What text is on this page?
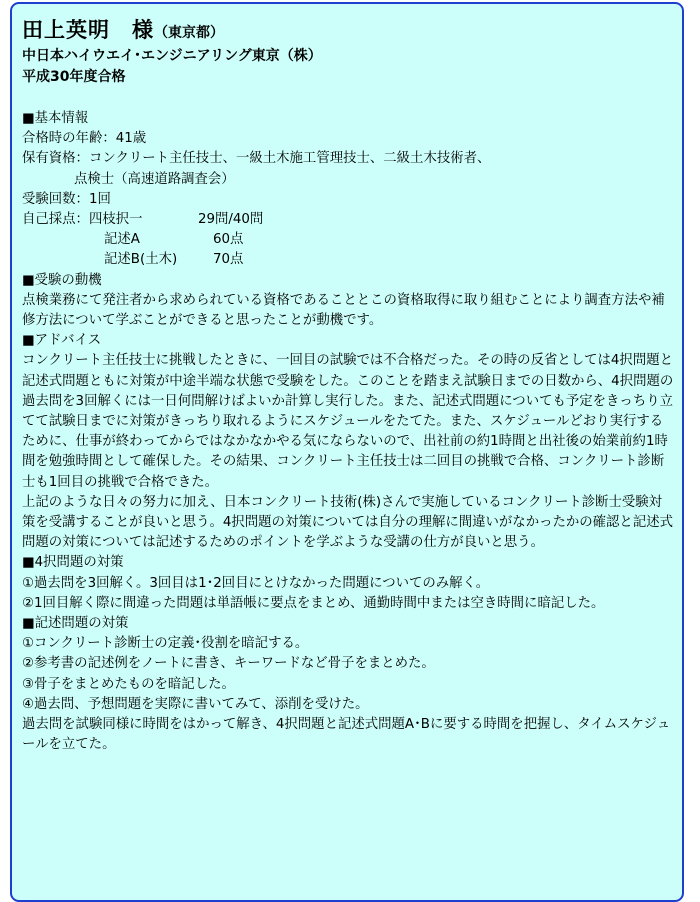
田上英明　様（東京都）

中日本ハイウエイ･エンジニアリング東京（株）

平成30年度合格

■基本情報
合格時の年齢：41歳
保有資格： コンクリート主任技士、一級土木施工管理技士、二級土木技術者、
点検士（高速道路調査会）
受験回数：1回
自己採点： 四枝択一	29問/40問
記述A	60点
記述B(土木)	70点
■受験の動機

点検業務にて発注者から求められている資格であることとこの資格取得に取り組むことにより調査方法や補修方法について学ぶことができると思ったことが動機です。

■アドバイス

コンクリート主任技士に挑戦したときに、一回目の試験では不合格だった。その時の反省としては4択問題と記述式問題ともに対策が中途半端な状態で受験をした。このことを踏まえ試験日までの日数から、4択問題の過去問を3回解くには一日何問解けばよいか計算し実行した。また、記述式問題についても予定をきっちり立てて試験日までに対策がきっちり取れるようにスケジュールをたてた。また、スケジュールどおり実行するために、仕事が終わってからではなかなかやる気にならないので、出社前の約1時間と出社後の始業前約1時間を勉強時間として確保した。その結果、コンクリート主任技士は二回目の挑戦で合格、コンクリート診断士も1回目の挑戦で合格できた。

上記のような日々の努力に加え、日本コンクリート技術(株)さんで実施しているコンクリート診断士受験対策を受講することが良いと思う。4択問題の対策については自分の理解に間違いがなかったかの確認と記述式問題の対策については記述するためのポイントを学ぶような受講の仕方が良いと思う。

■4択問題の対策

①過去問を3回解く。3回目は1･2回目にとけなかった問題についてのみ解く。

②1回目解く際に間違った問題は単語帳に要点をまとめ、通勤時間中または空き時間に暗記した。

■記述問題の対策

①コンクリート診断士の定義･役割を暗記する。

②参考書の記述例をノートに書き、キーワードなど骨子をまとめた。

③骨子をまとめたものを暗記した。

④過去問、予想問題を実際に書いてみて、添削を受けた。

過去問を試験同様に時間をはかって解き、4択問題と記述式問題A･Bに要する時間を把握し、タイムスケジュールを立てた。
